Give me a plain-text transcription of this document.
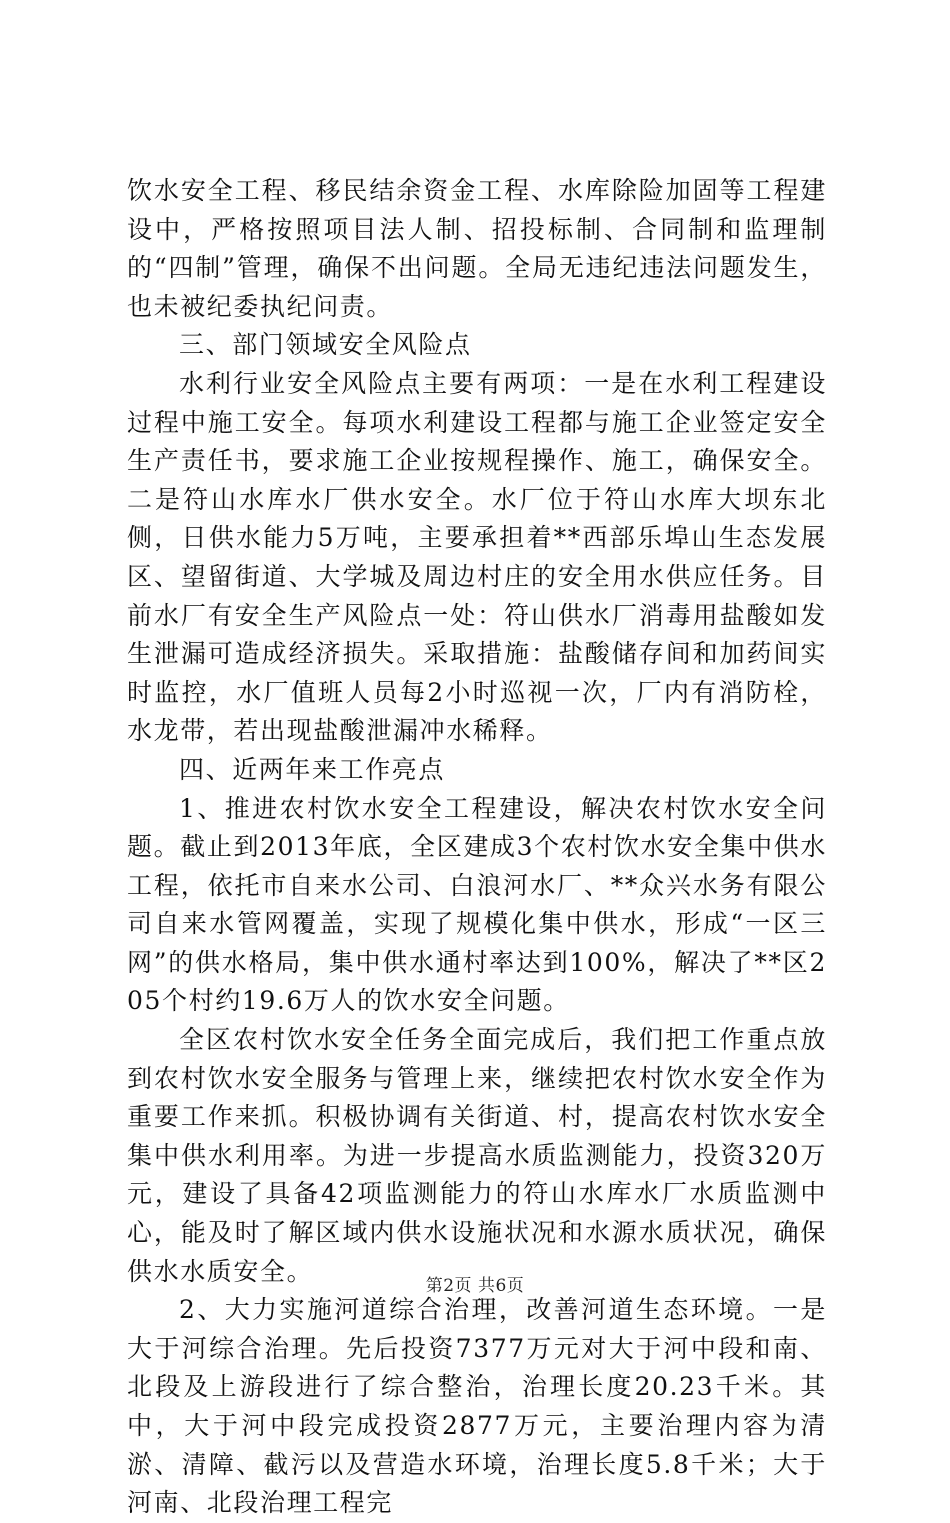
饮水安全工程、移民结余资金工程、水库除险加固等工程建设中，严格按照项目法人制、招投标制、合同制和监理制的“四制”管理，确保不出问题。全局无违纪违法问题发生，也未被纪委执纪问责。

三、部门领域安全风险点

水利行业安全风险点主要有两项：一是在水利工程建设过程中施工安全。每项水利建设工程都与施工企业签定安全生产责任书，要求施工企业按规程操作、施工，确保安全。二是符山水库水厂供水安全。水厂位于符山水库大坝东北侧，日供水能力5万吨，主要承担着**西部乐埠山生态发展区、望留街道、大学城及周边村庄的安全用水供应任务。目前水厂有安全生产风险点一处：符山供水厂消毒用盐酸如发生泄漏可造成经济损失。采取措施：盐酸储存间和加药间实时监控，水厂值班人员每2小时巡视一次，厂内有消防栓，水龙带，若出现盐酸泄漏冲水稀释。

四、近两年来工作亮点

1、推进农村饮水安全工程建设，解决农村饮水安全问题。截止到2013年底，全区建成3个农村饮水安全集中供水工程，依托市自来水公司、白浪河水厂、**众兴水务有限公司自来水管网覆盖，实现了规模化集中供水，形成“一区三网”的供水格局，集中供水通村率达到100%，解决了**区205个村约19.6万人的饮水安全问题。

全区农村饮水安全任务全面完成后，我们把工作重点放到农村饮水安全服务与管理上来，继续把农村饮水安全作为重要工作来抓。积极协调有关街道、村，提高农村饮水安全集中供水利用率。为进一步提高水质监测能力，投资320万元，建设了具备42项监测能力的符山水库水厂水质监测中心，能及时了解区域内供水设施状况和水源水质状况，确保供水水质安全。

2、大力实施河道综合治理，改善河道生态环境。一是大于河综合治理。先后投资7377万元对大于河中段和南、北段及上游段进行了综合整治，治理长度20.23千米。其中，大于河中段完成投资2877万元，主要治理内容为清淤、清障、截污以及营造水环境，治理长度5.8千米；大于河南、北段治理工程完

第2页 共6页
